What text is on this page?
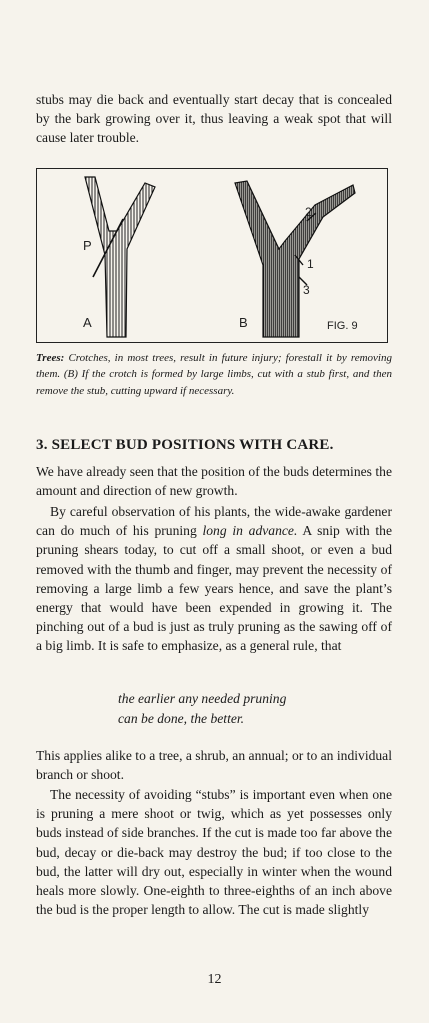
stubs may die back and eventually start decay that is concealed by the bark growing over it, thus leaving a weak spot that will cause later trouble.

P
A	B
2
1
3
FIG. 9

Trees: Crotches, in most trees, result in future injury; forestall it by removing them. (B) If the crotch is formed by large limbs, cut with a stub first, and then remove the stub, cutting upward if necessary.

3. SELECT BUD POSITIONS WITH CARE.

We have already seen that the position of the buds determines the amount and direction of new growth.

By careful observation of his plants, the wide-awake gardener can do much of his pruning long in advance. A snip with the pruning shears today, to cut off a small shoot, or even a bud removed with the thumb and finger, may prevent the necessity of removing a large limb a few years hence, and save the plant’s energy that would have been expended in growing it. The pinching out of a bud is just as truly pruning as the sawing off of a big limb. It is safe to emphasize, as a general rule, that

the earlier any needed pruning
can be done, the better.

This applies alike to a tree, a shrub, an annual; or to an individual branch or shoot.

The necessity of avoiding “stubs” is important even when one is pruning a mere shoot or twig, which as yet possesses only buds instead of side branches. If the cut is made too far above the bud, decay or die-back may destroy the bud; if too close to the bud, the latter will dry out, especially in winter when the wound heals more slowly. One-eighth to three-eighths of an inch above the bud is the proper length to allow. The cut is made slightly

12
